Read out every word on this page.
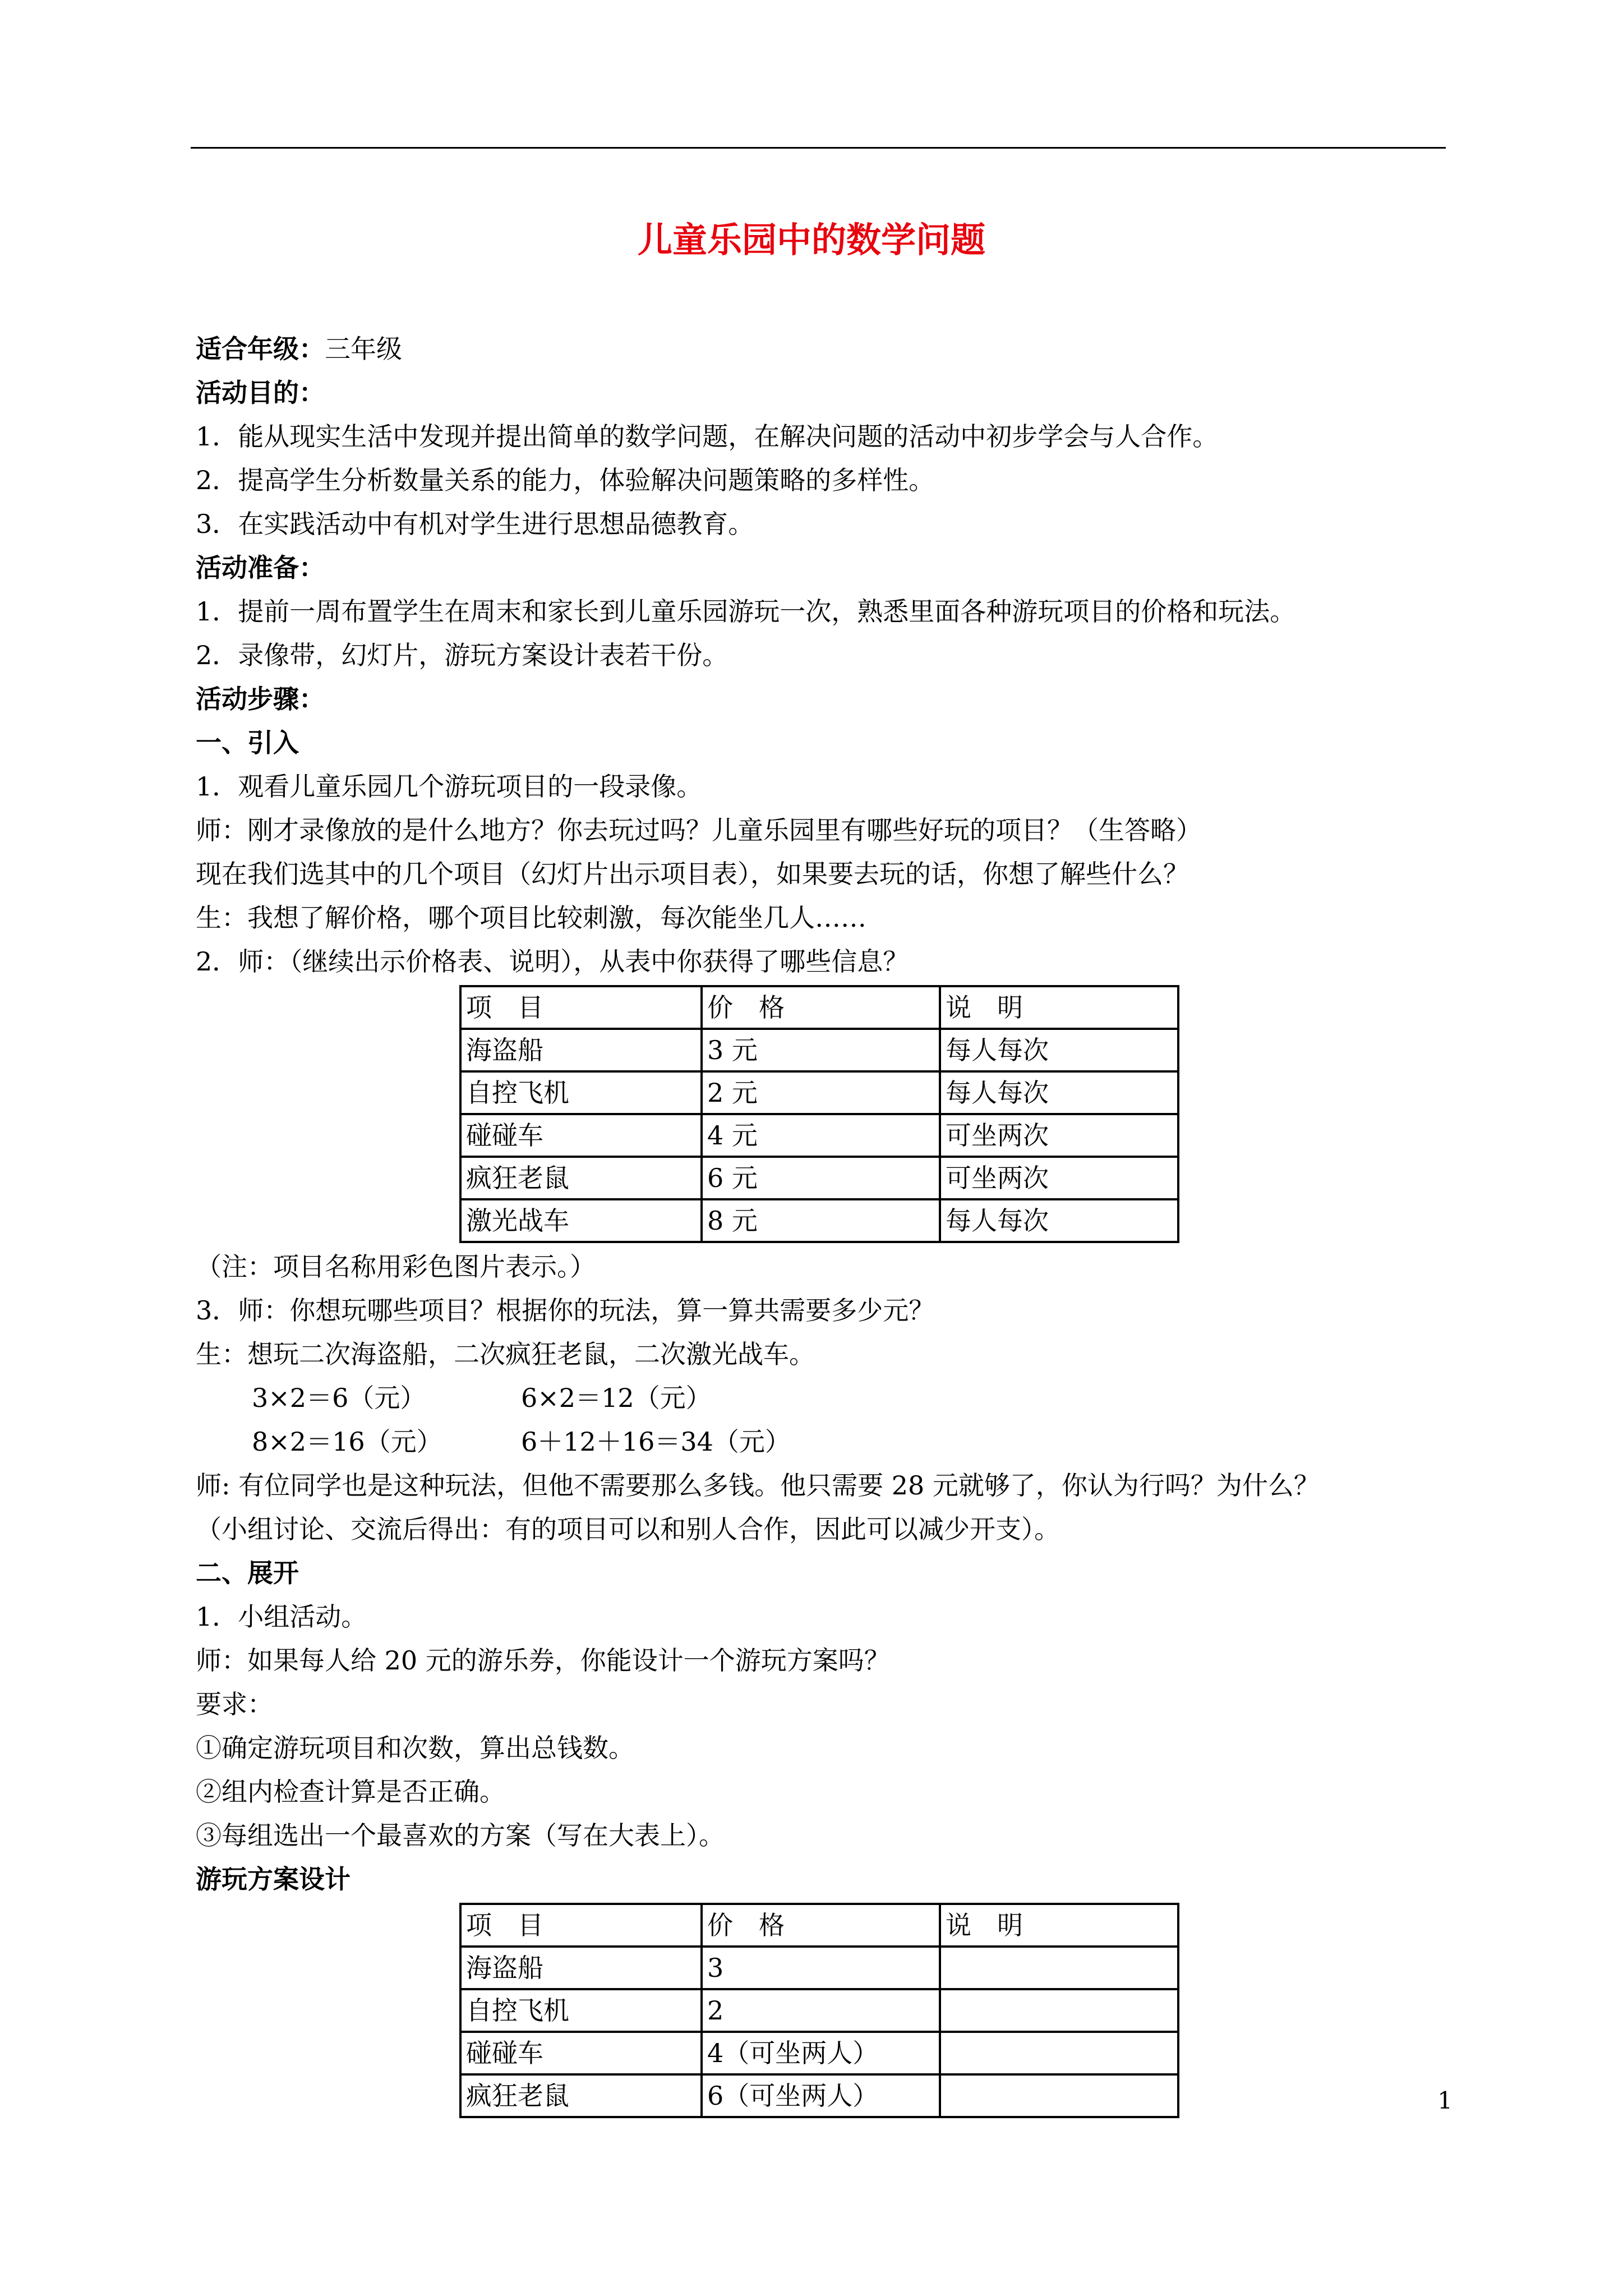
儿童乐园中的数学问题

适合年级：三年级

活动目的：

1．能从现实生活中发现并提出简单的数学问题，在解决问题的活动中初步学会与人合作。

2．提高学生分析数量关系的能力，体验解决问题策略的多样性。

3．在实践活动中有机对学生进行思想品德教育。

活动准备：

1．提前一周布置学生在周末和家长到儿童乐园游玩一次，熟悉里面各种游玩项目的价格和玩法。

2．录像带，幻灯片，游玩方案设计表若干份。

活动步骤：

一、引入

1．观看儿童乐园几个游玩项目的一段录像。

师：刚才录像放的是什么地方？你去玩过吗？儿童乐园里有哪些好玩的项目？（生答略）

现在我们选其中的几个项目（幻灯片出示项目表），如果要去玩的话，你想了解些什么？

生：我想了解价格，哪个项目比较刺激，每次能坐几人……

2．师：（继续出示价格表、说明），从表中你获得了哪些信息？

项　目	价　格	说　明
海盗船	3 元	每人每次
自控飞机	2 元	每人每次
碰碰车	4 元	可坐两次
疯狂老鼠	6 元	可坐两次
激光战车	8 元	每人每次

（注：项目名称用彩色图片表示。）

3．师：你想玩哪些项目？根据你的玩法，算一算共需要多少元？

生：想玩二次海盗船，二次疯狂老鼠，二次激光战车。

3×2＝6（元）	6×2＝12（元）

8×2＝16（元）	6＋12＋16＝34（元）

师: 有位同学也是这种玩法，但他不需要那么多钱。他只需要 28 元就够了，你认为行吗？为什么？

（小组讨论、交流后得出：有的项目可以和别人合作，因此可以减少开支）。

二、展开

1．小组活动。

师：如果每人给 20 元的游乐券，你能设计一个游玩方案吗？

要求：

①确定游玩项目和次数，算出总钱数。

②组内检查计算是否正确。

③每组选出一个最喜欢的方案（写在大表上）。

游玩方案设计

项　目	价　格	说　明
海盗船	3	
自控飞机	2	
碰碰车	4（可坐两人）	
疯狂老鼠	6（可坐两人）		1
